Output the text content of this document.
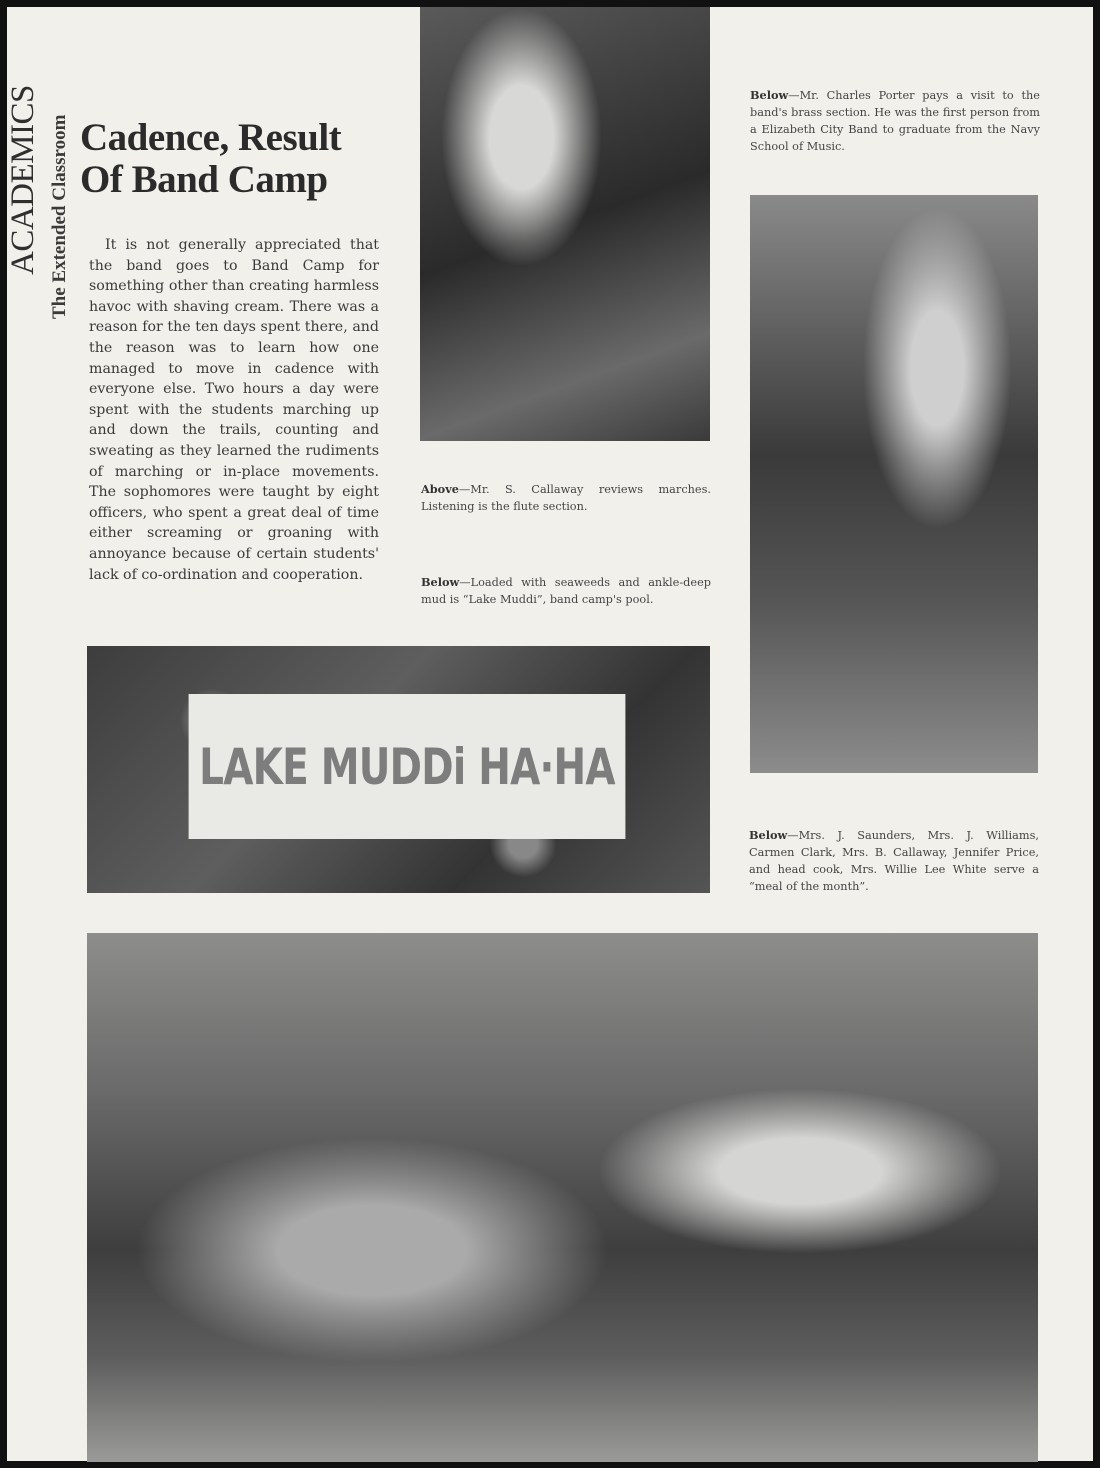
ACADEMICS The Extended Classroom Cadence, Result
Of Band Camp
It is not generally appreciated that the band goes to Band Camp for something other than creating harmless havoc with shaving cream. There was a reason for the ten days spent there, and the reason was to learn how one managed to move in cadence with everyone else. Two hours a day were spent with the students marching up and down the trails, counting and sweating as they learned the rudiments of marching or in-place movements. The sophomores were taught by eight officers, who spent a great deal of time either screaming or groaning with annoyance because of certain students' lack of co-ordination and cooperation.
Below—Mr. Charles Porter pays a visit to the band's brass section. He was the first person from a Elizabeth City Band to graduate from the Navy School of Music.
Above—Mr. S. Callaway reviews marches. Listening is the flute section.
Below—Loaded with seaweeds and ankle-deep mud is “Lake Muddi”, band camp's pool.
LAKE MUDDi HA·HA
Below—Mrs. J. Saunders, Mrs. J. Williams, Carmen Clark, Mrs. B. Callaway, Jennifer Price, and head cook, Mrs. Willie Lee White serve a “meal of the month”.
